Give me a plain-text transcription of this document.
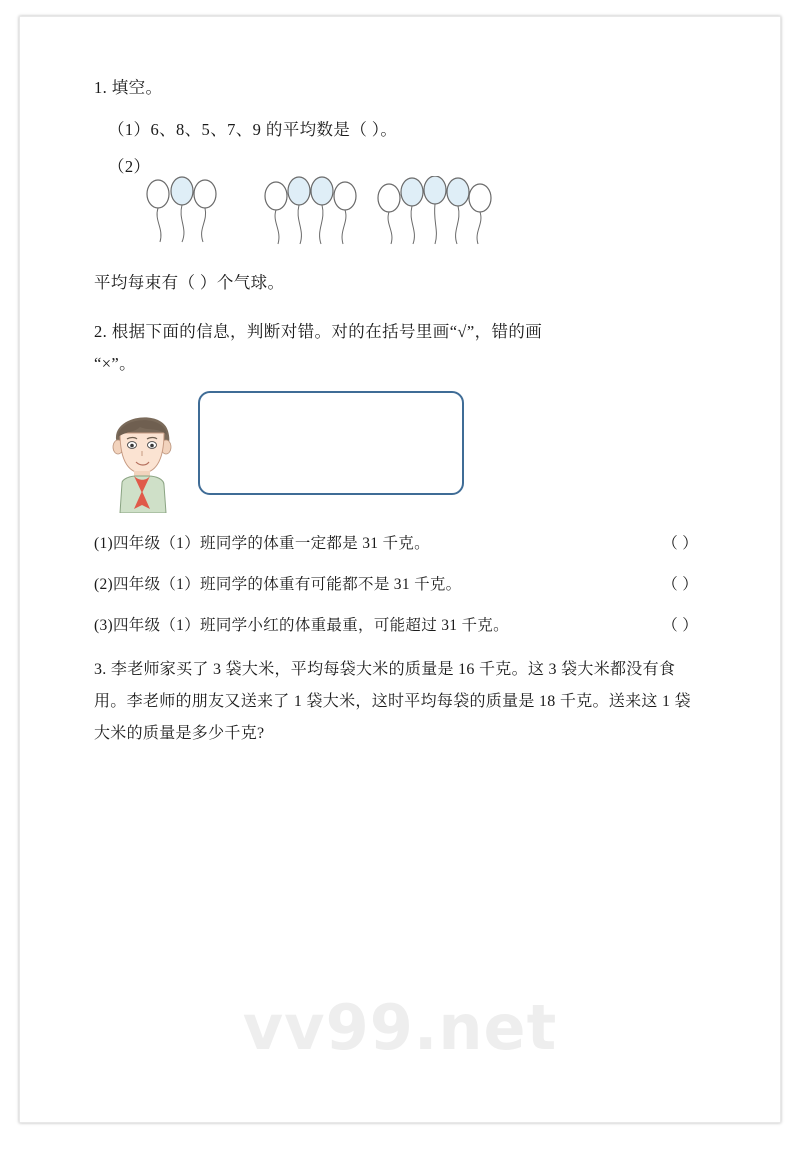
1. 填空。
（1）6、8、5、7、9 的平均数是（ ）。
（2）
平均每束有（ ）个气球。
2. 根据下面的信息，判断对错。对的在括号里画“√”，错的画
“×”。
(1)四年级（1）班同学的体重一定都是 31 千克。	（ ）
(2)四年级（1）班同学的体重有可能都不是 31 千克。	（ ）
(3)四年级（1）班同学小红的体重最重，可能超过 31 千克。	（ ）
3. 李老师家买了 3 袋大米，平均每袋大米的质量是 16 千克。这 3 袋大米都没有食用。李老师的朋友又送来了 1 袋大米，这时平均每袋的质量是 18 千克。送来这 1 袋大米的质量是多少千克?
vv99.net
